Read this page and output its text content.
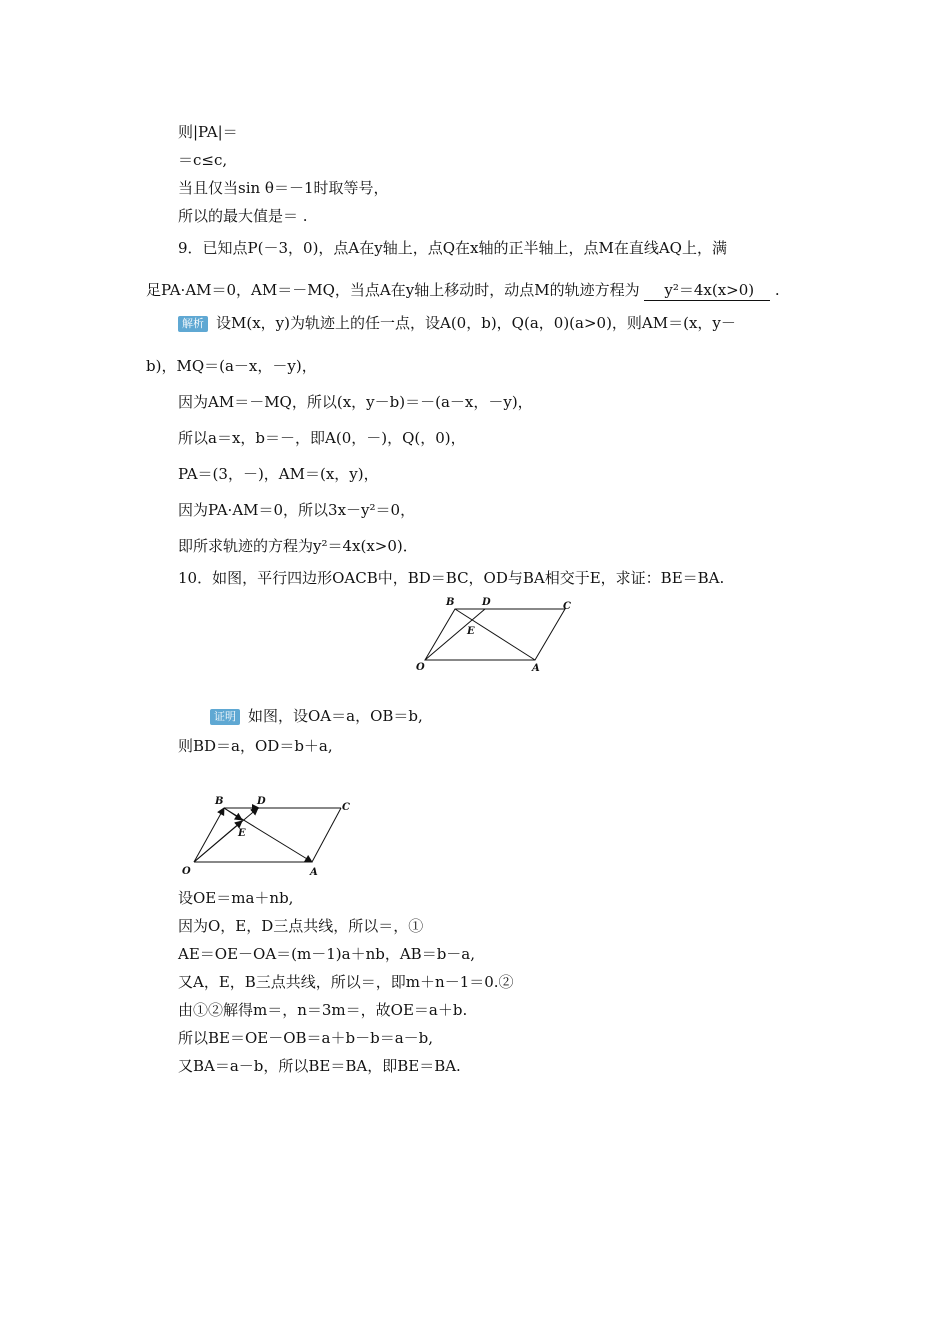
则|PA|＝
＝c≤c,
当且仅当sin θ＝－1时取等号，
所以的最大值是＝ .
9．已知点P(－3，0)，点A在y轴上，点Q在x轴的正半轴上，点M在直线AQ上，满
足PA·AM＝0，AM＝－MQ，当点A在y轴上移动时，动点M的轨迹方程为 y²＝4x(x>0) .
解析 设M(x，y)为轨迹上的任一点，设A(0，b)，Q(a，0)(a>0)，则AM＝(x，y－
b)，MQ＝(a－x，－y)，
因为AM＝－MQ，所以(x，y－b)＝－(a－x，－y)，
所以a＝x，b＝－，即A(0，－)，Q(，0)，
PA＝(3，－)，AM＝(x，y)，
因为PA·AM＝0，所以3x－y²＝0，
即所求轨迹的方程为y²＝4x(x>0)．
10．如图，平行四边形OACB中，BD＝BC，OD与BA相交于E，求证：BE＝BA.
O	A
B	C
D
E
证明 如图，设OA＝a，OB＝b,
则BD＝a，OD＝b＋a,
O	A
B
C
D
E
设OE＝ma＋nb,
因为O，E，D三点共线，所以＝，①
AE＝OE－OA＝(m－1)a＋nb，AB＝b－a,
又A，E，B三点共线，所以＝，即m＋n－1＝0.②
由①②解得m＝，n＝3m＝，故OE＝a＋b.
所以BE＝OE－OB＝a＋b－b＝a－b,
又BA＝a－b，所以BE＝BA，即BE＝BA.
